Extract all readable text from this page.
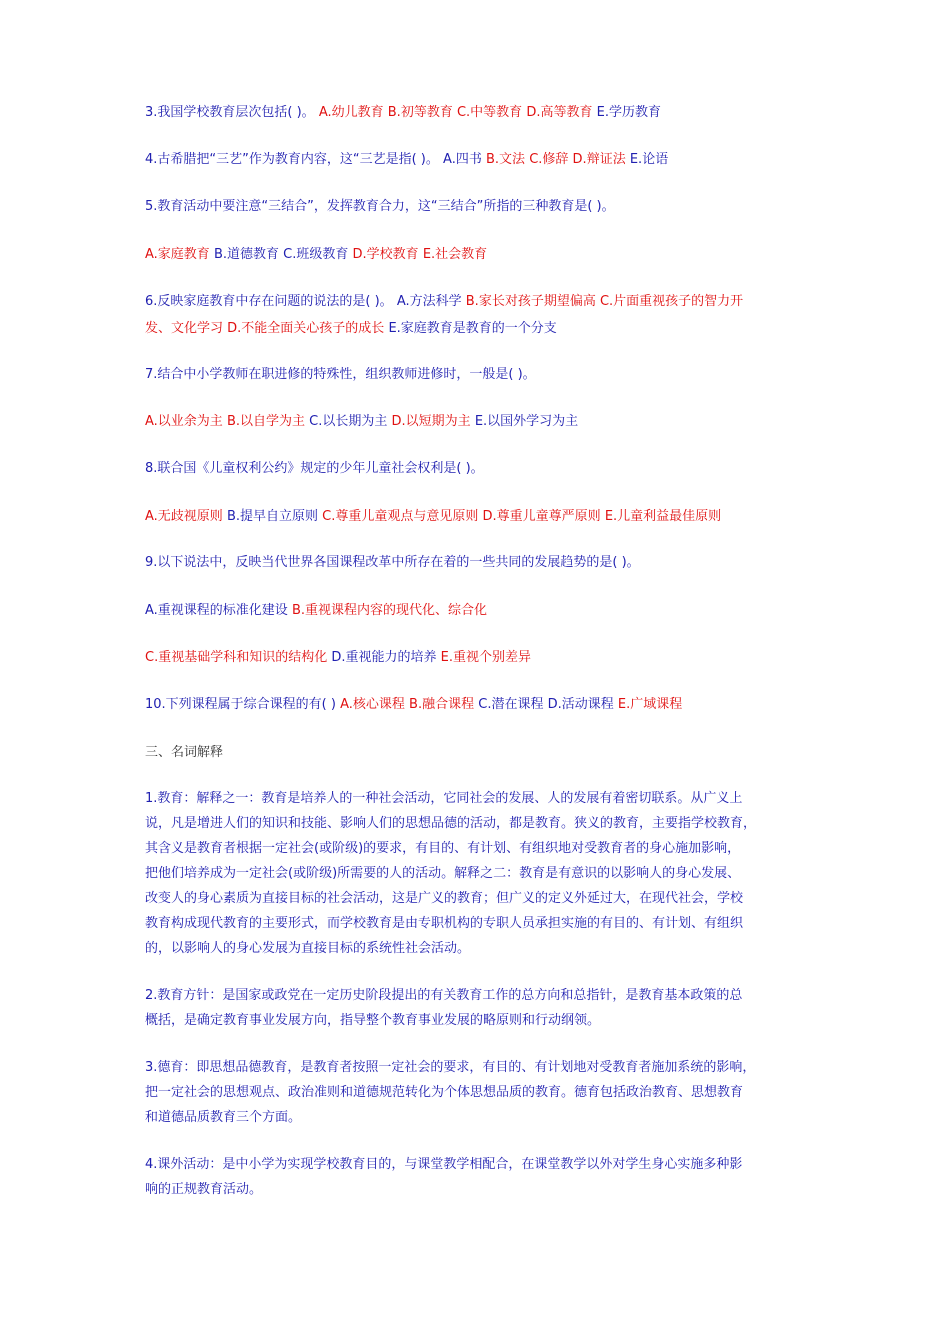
3.我国学校教育层次包括( )。 A.幼儿教育 B.初等教育 C.中等教育 D.高等教育 E.学历教育
4.古希腊把“三艺”作为教育内容，这“三艺是指( )。 A.四书 B.文法 C.修辞 D.辩证法 E.论语
5.教育活动中要注意“三结合”，发挥教育合力，这“三结合”所指的三种教育是( )。
A.家庭教育 B.道德教育 C.班级教育 D.学校教育 E.社会教育
6.反映家庭教育中存在问题的说法的是( )。 A.方法科学 B.家长对孩子期望偏高 C.片面重视孩子的智力开
发、文化学习 D.不能全面关心孩子的成长 E.家庭教育是教育的一个分支
7.结合中小学教师在职进修的特殊性，组织教师进修时，一般是( )。
A.以业余为主 B.以自学为主 C.以长期为主 D.以短期为主 E.以国外学习为主
8.联合国《儿童权利公约》规定的少年儿童社会权利是( )。
A.无歧视原则 B.提早自立原则 C.尊重儿童观点与意见原则 D.尊重儿童尊严原则 E.儿童利益最佳原则
9.以下说法中，反映当代世界各国课程改革中所存在着的一些共同的发展趋势的是( )。
A.重视课程的标准化建设 B.重视课程内容的现代化、综合化
C.重视基础学科和知识的结构化 D.重视能力的培养 E.重视个别差异
10.下列课程属于综合课程的有( ) A.核心课程 B.融合课程 C.潜在课程 D.活动课程 E.广域课程
三、名词解释
1.教育：解释之一：教育是培养人的一种社会活动，它同社会的发展、人的发展有着密切联系。从广义上
说，凡是增进人们的知识和技能、影响人们的思想品德的活动，都是教育。狭义的教育，主要指学校教育，
其含义是教育者根据一定社会(或阶级)的要求，有目的、有计划、有组织地对受教育者的身心施加影响，
把他们培养成为一定社会(或阶级)所需要的人的活动。解释之二：教育是有意识的以影响人的身心发展、
改变人的身心素质为直接目标的社会活动，这是广义的教育；但广义的定义外延过大，在现代社会，学校
教育构成现代教育的主要形式，而学校教育是由专职机构的专职人员承担实施的有目的、有计划、有组织
的，以影响人的身心发展为直接目标的系统性社会活动。
2.教育方针：是国家或政党在一定历史阶段提出的有关教育工作的总方向和总指针，是教育基本政策的总
概括，是确定教育事业发展方向，指导整个教育事业发展的略原则和行动纲领。
3.德育：即思想品德教育，是教育者按照一定社会的要求，有目的、有计划地对受教育者施加系统的影响，
把一定社会的思想观点、政治准则和道德规范转化为个体思想品质的教育。德育包括政治教育、思想教育
和道德品质教育三个方面。
4.课外活动：是中小学为实现学校教育目的，与课堂教学相配合，在课堂教学以外对学生身心实施多种影
响的正规教育活动。
